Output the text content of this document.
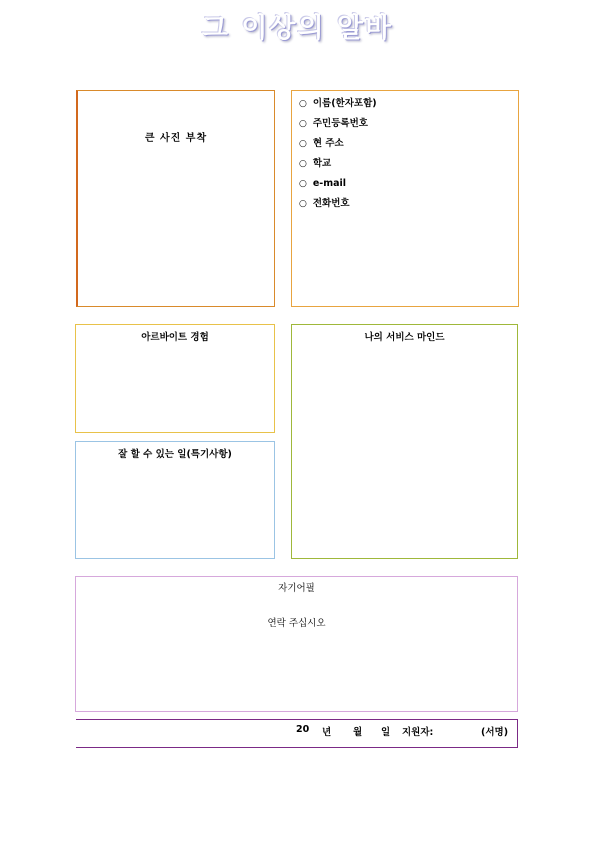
그 이상의 알바
큰 사진 부착
○ 이름(한자포함)
○ 주민등록번호
○ 현 주소
○ 학교
○ e-mail
○ 전화번호
아르바이트 경험	나의 서비스 마인드
잘 할 수 있는 일(특기사항)
자기어필
연락 주십시오
20 년 월 일 지원자:	(서명)
